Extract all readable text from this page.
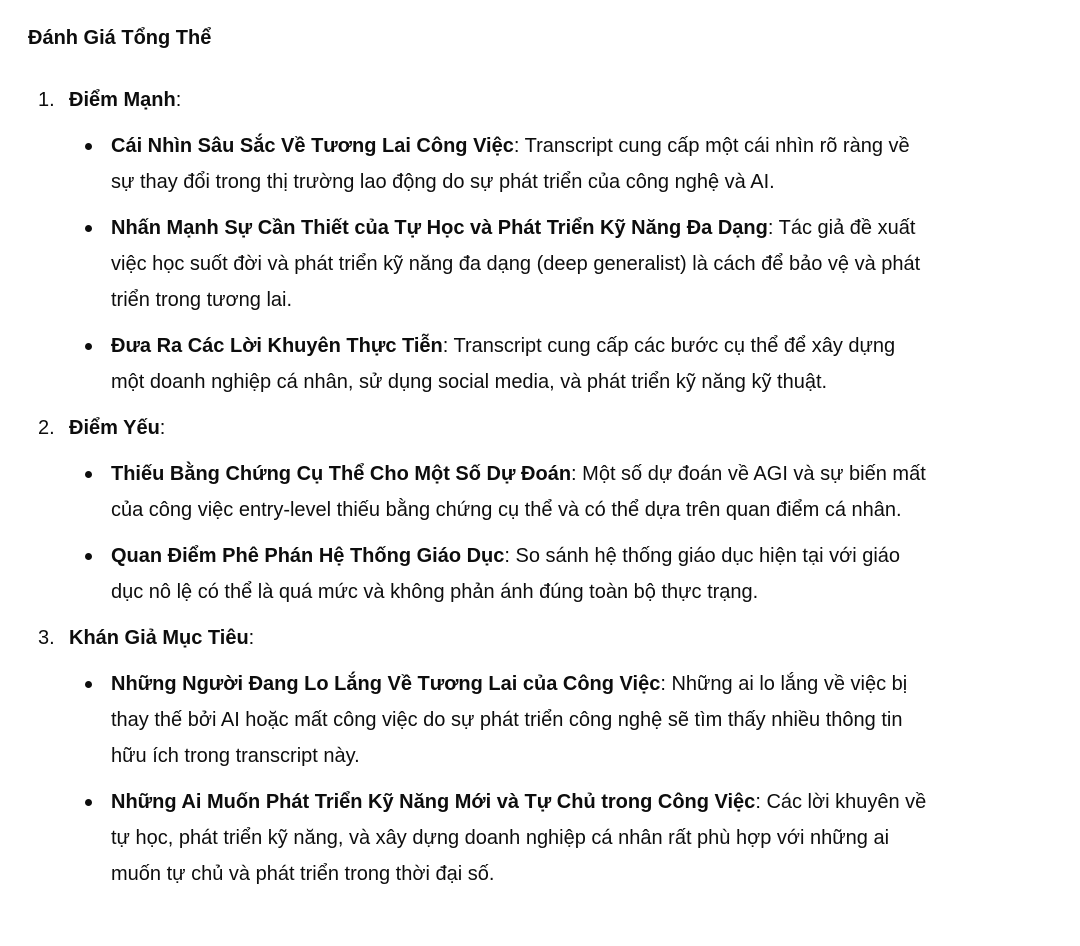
Đánh Giá Tổng Thể
1. Điểm Mạnh:
Cái Nhìn Sâu Sắc Về Tương Lai Công Việc: Transcript cung cấp một cái nhìn rõ ràng về sự thay đổi trong thị trường lao động do sự phát triển của công nghệ và AI.
Nhấn Mạnh Sự Cần Thiết của Tự Học và Phát Triển Kỹ Năng Đa Dạng: Tác giả đề xuất việc học suốt đời và phát triển kỹ năng đa dạng (deep generalist) là cách để bảo vệ và phát triển trong tương lai.
Đưa Ra Các Lời Khuyên Thực Tiễn: Transcript cung cấp các bước cụ thể để xây dựng một doanh nghiệp cá nhân, sử dụng social media, và phát triển kỹ năng kỹ thuật.
2. Điểm Yếu:
Thiếu Bằng Chứng Cụ Thể Cho Một Số Dự Đoán: Một số dự đoán về AGI và sự biến mất của công việc entry-level thiếu bằng chứng cụ thể và có thể dựa trên quan điểm cá nhân.
Quan Điểm Phê Phán Hệ Thống Giáo Dục: So sánh hệ thống giáo dục hiện tại với giáo dục nô lệ có thể là quá mức và không phản ánh đúng toàn bộ thực trạng.
3. Khán Giả Mục Tiêu:
Những Người Đang Lo Lắng Về Tương Lai của Công Việc: Những ai lo lắng về việc bị thay thế bởi AI hoặc mất công việc do sự phát triển công nghệ sẽ tìm thấy nhiều thông tin hữu ích trong transcript này.
Những Ai Muốn Phát Triển Kỹ Năng Mới và Tự Chủ trong Công Việc: Các lời khuyên về tự học, phát triển kỹ năng, và xây dựng doanh nghiệp cá nhân rất phù hợp với những ai muốn tự chủ và phát triển trong thời đại số.
